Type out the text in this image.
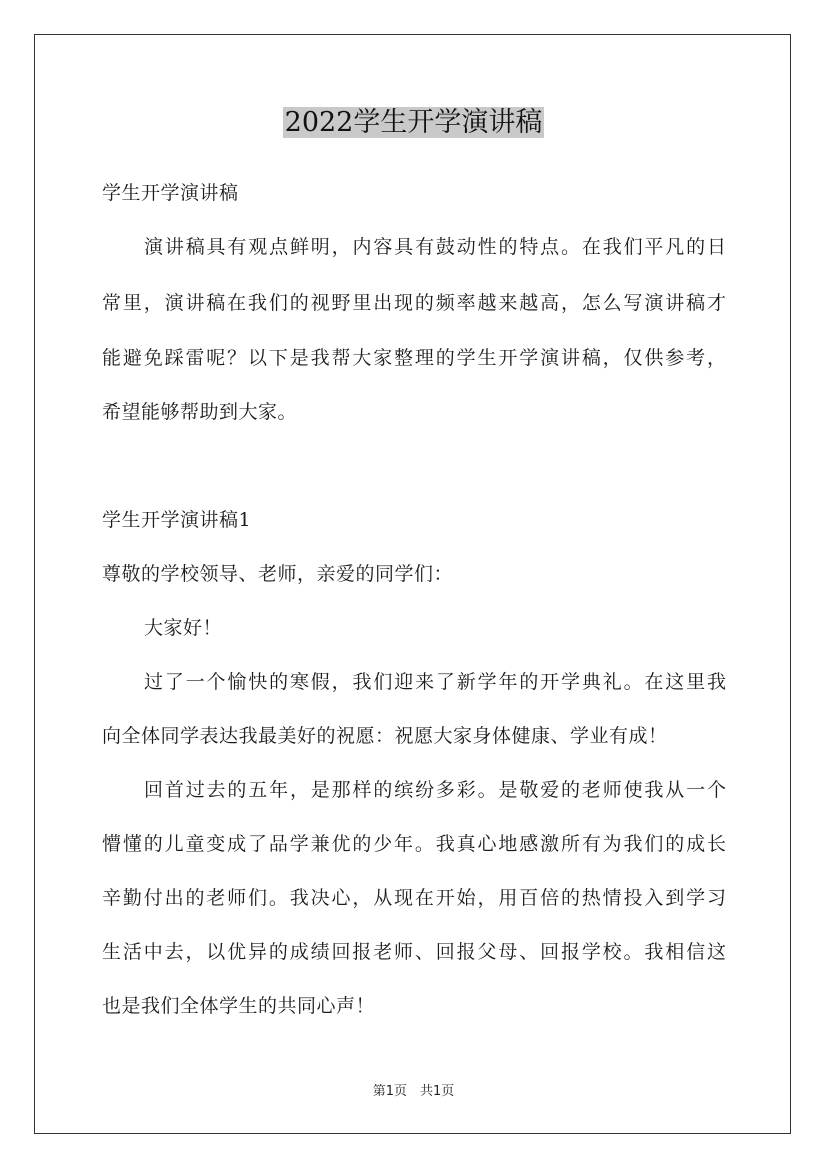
2022学生开学演讲稿
学生开学演讲稿
演讲稿具有观点鲜明，内容具有鼓动性的特点。在我们平凡的日
常里，演讲稿在我们的视野里出现的频率越来越高，怎么写演讲稿才
能避免踩雷呢？以下是我帮大家整理的学生开学演讲稿，仅供参考，
希望能够帮助到大家。
学生开学演讲稿1
尊敬的学校领导、老师，亲爱的同学们：
大家好！
过了一个愉快的寒假，我们迎来了新学年的开学典礼。在这里我
向全体同学表达我最美好的祝愿：祝愿大家身体健康、学业有成！
回首过去的五年，是那样的缤纷多彩。是敬爱的老师使我从一个
懵懂的儿童变成了品学兼优的少年。我真心地感激所有为我们的成长
辛勤付出的老师们。我决心，从现在开始，用百倍的热情投入到学习
生活中去，以优异的成绩回报老师、回报父母、回报学校。我相信这
也是我们全体学生的共同心声！
第1页　共1页
